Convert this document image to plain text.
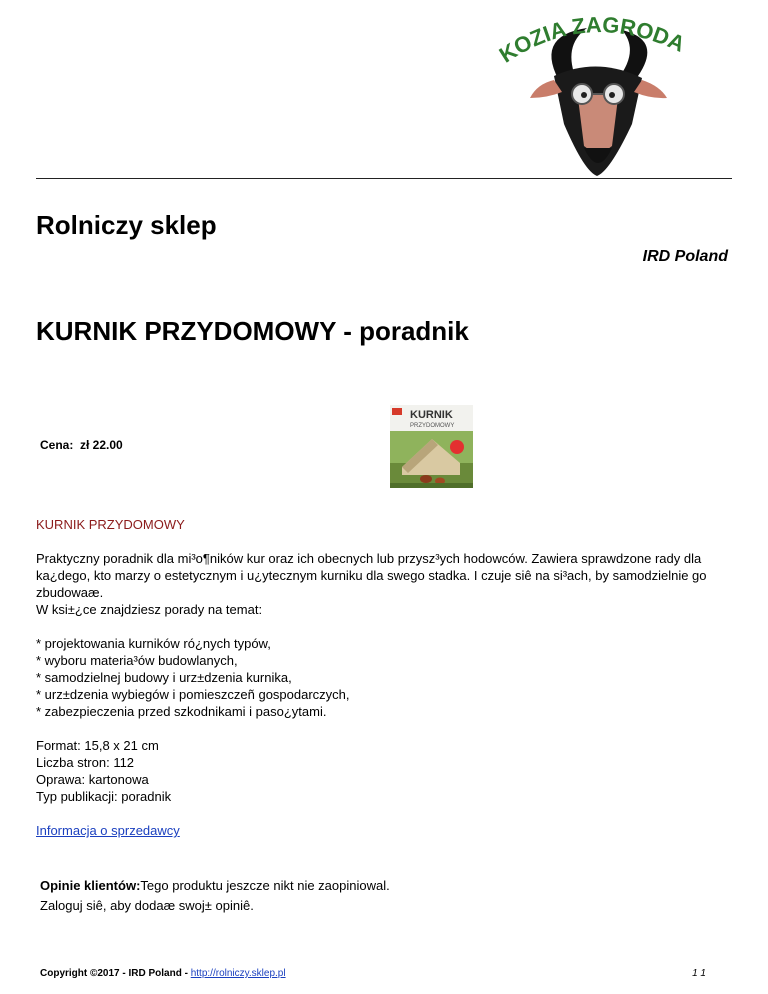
KOZIA ZAGRODA
Rolniczy sklep
IRD Poland
KURNIK PRZYDOMOWY - poradnik
KURNIK
PRZYDOMOWY
Cena: zł 22.00

KURNIK PRZYDOMOWY

Praktyczny poradnik dla mi³o¶ników kur oraz ich obecnych lub przysz³ych hodowców. Zawiera sprawdzone rady dla ka¿dego, kto marzy o estetycznym i u¿ytecznym kurniku dla swego stadka. I czuje siê na si³ach, by samodzielnie go zbudowaæ.
W ksi±¿ce znajdziesz porady na temat:

* projektowania kurników ró¿nych typów,
* wyboru materia³ów budowlanych,
* samodzielnej budowy i urz±dzenia kurnika,
* urz±dzenia wybiegów i pomieszczeñ gospodarczych,
* zabezpieczenia przed szkodnikami i paso¿ytami.

Format: 15,8 x 21 cm
Liczba stron: 112
Oprawa: kartonowa
Typ publikacji: poradnik

Informacja o sprzedawcy

Opinie klientów:Tego produktu jeszcze nikt nie zaopiniowal.
Zaloguj siê, aby dodaæ swoj± opiniê.
Copyright ©2017 - IRD Poland - http://rolniczy.sklep.pl	1 1
